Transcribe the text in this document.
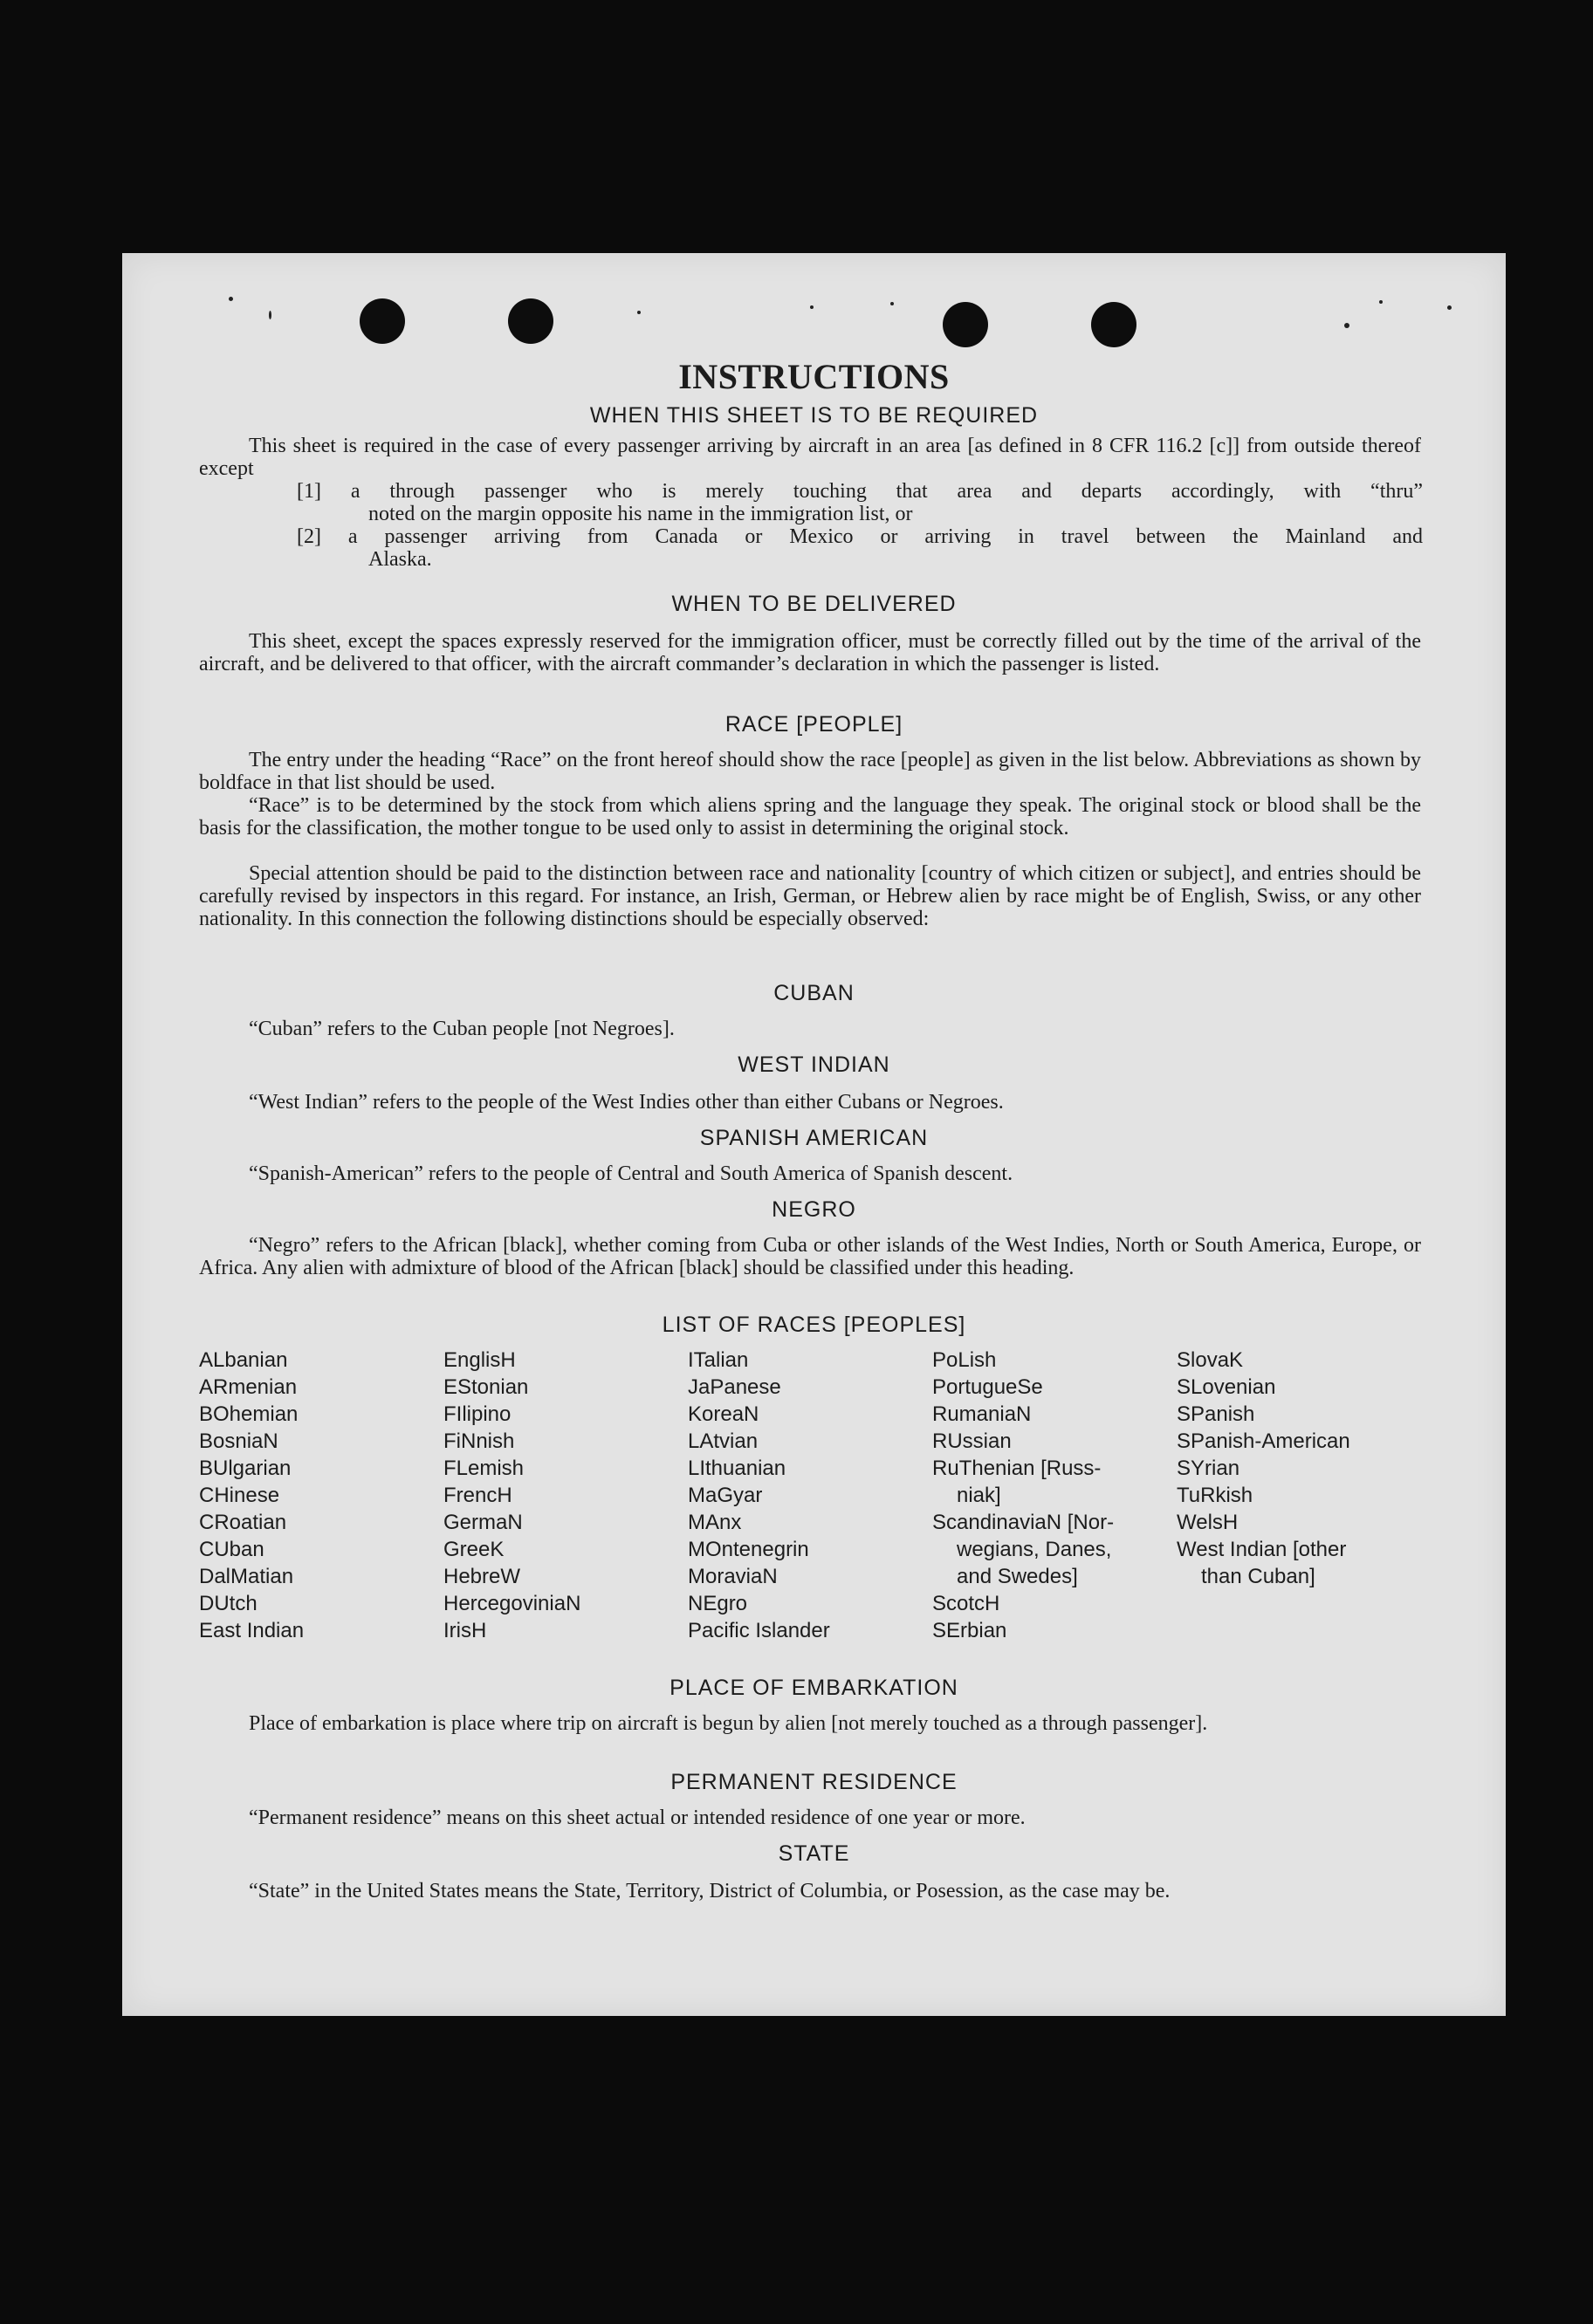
INSTRUCTIONS
WHEN THIS SHEET IS TO BE REQUIRED
This sheet is required in the case of every passenger arriving by aircraft in an area [as defined in 8 CFR 116.2 [c]] from outside thereof except
[1] a through passenger who is merely touching that area and departs accordingly, with “thru”
noted on the margin opposite his name in the immigration list, or
[2] a passenger arriving from Canada or Mexico or arriving in travel between the Mainland and
Alaska.
WHEN TO BE DELIVERED
This sheet, except the spaces expressly reserved for the immigration officer, must be correctly filled out by the time of the arrival of the aircraft, and be delivered to that officer, with the aircraft commander’s declaration in which the passenger is listed.
RACE [PEOPLE]
The entry under the heading “Race” on the front hereof should show the race [people] as given in the list below. Abbreviations as shown by boldface in that list should be used.
“Race” is to be determined by the stock from which aliens spring and the language they speak. The original stock or blood shall be the basis for the classification, the mother tongue to be used only to assist in determining the original stock.
Special attention should be paid to the distinction between race and nationality [country of which citizen or subject], and entries should be carefully revised by inspectors in this regard. For instance, an Irish, German, or Hebrew alien by race might be of English, Swiss, or any other nationality. In this connection the following distinctions should be especially observed:
CUBAN
“Cuban” refers to the Cuban people [not Negroes].
WEST INDIAN
“West Indian” refers to the people of the West Indies other than either Cubans or Negroes.
SPANISH AMERICAN
“Spanish-American” refers to the people of Central and South America of Spanish descent.
NEGRO
“Negro” refers to the African [black], whether coming from Cuba or other islands of the West Indies, North or South America, Europe, or Africa. Any alien with admixture of blood of the African [black] should be classified under this heading.
LIST OF RACES [PEOPLES]
ALbanian
ARmenian
BOhemian
BosniaN
BUlgarian
CHinese
CRoatian
CUban
DalMatian
DUtch
East Indian
EnglisH
EStonian
FIlipino
FiNnish
FLemish
FrencH
GermaN
GreeK
HebreW
HercegoviniaN
IrisH
ITalian
JaPanese
KoreaN
LAtvian
LIthuanian
MaGyar
MAnx
MOntenegrin
MoraviaN
NEgro
Pacific Islander
PoLish
PortugueSe
RumaniaN
RUssian
RuThenian [Russ-
niak]
ScandinaviaN [Nor-
wegians, Danes,
and Swedes]
ScotcH
SErbian
SlovaK
SLovenian
SPanish
SPanish-American
SYrian
TuRkish
WelsH
West Indian [other
than Cuban]
PLACE OF EMBARKATION
Place of embarkation is place where trip on aircraft is begun by alien [not merely touched as a through passenger].
PERMANENT RESIDENCE
“Permanent residence” means on this sheet actual or intended residence of one year or more.
STATE
“State” in the United States means the State, Territory, District of Columbia, or Posession, as the case may be.
